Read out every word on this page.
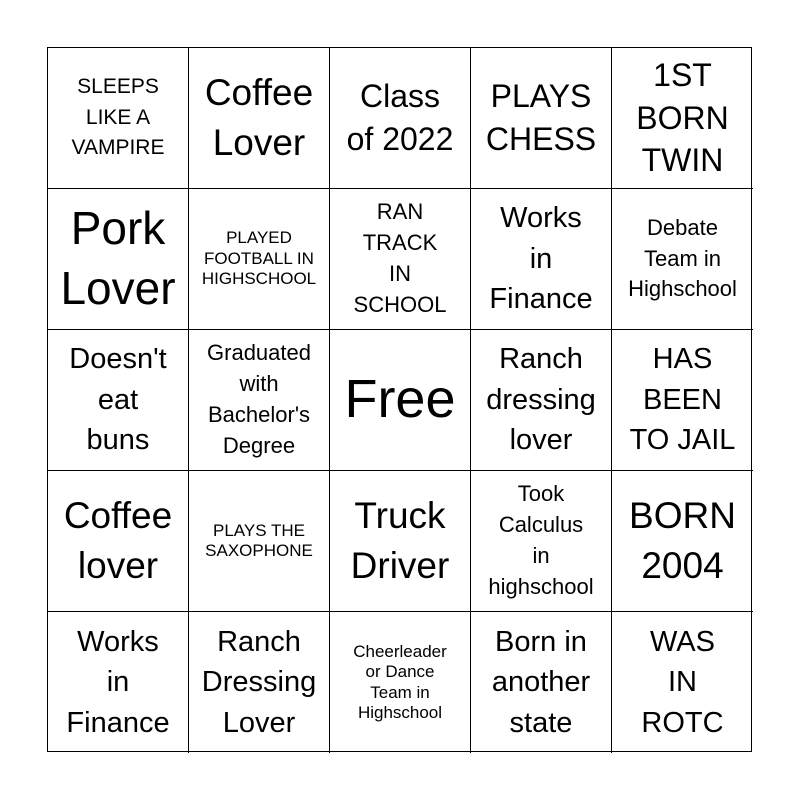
SLEEPS
LIKE A
VAMPIRE
Coffee
Lover
Class
of 2022
PLAYS
CHESS
1ST
BORN
TWIN
Pork
Lover
PLAYED
FOOTBALL IN
HIGHSCHOOL
RAN
TRACK
IN
SCHOOL
Works
in
Finance
Debate
Team in
Highschool
Doesn't
eat
buns
Graduated
with
Bachelor's
Degree
Free
Ranch
dressing
lover
HAS
BEEN
TO JAIL
Coffee
lover
PLAYS THE
SAXOPHONE
Truck
Driver
Took
Calculus
in
highschool
BORN
2004
Works
in
Finance
Ranch
Dressing
Lover
Cheerleader
or Dance
Team in
Highschool
Born in
another
state
WAS
IN
ROTC
